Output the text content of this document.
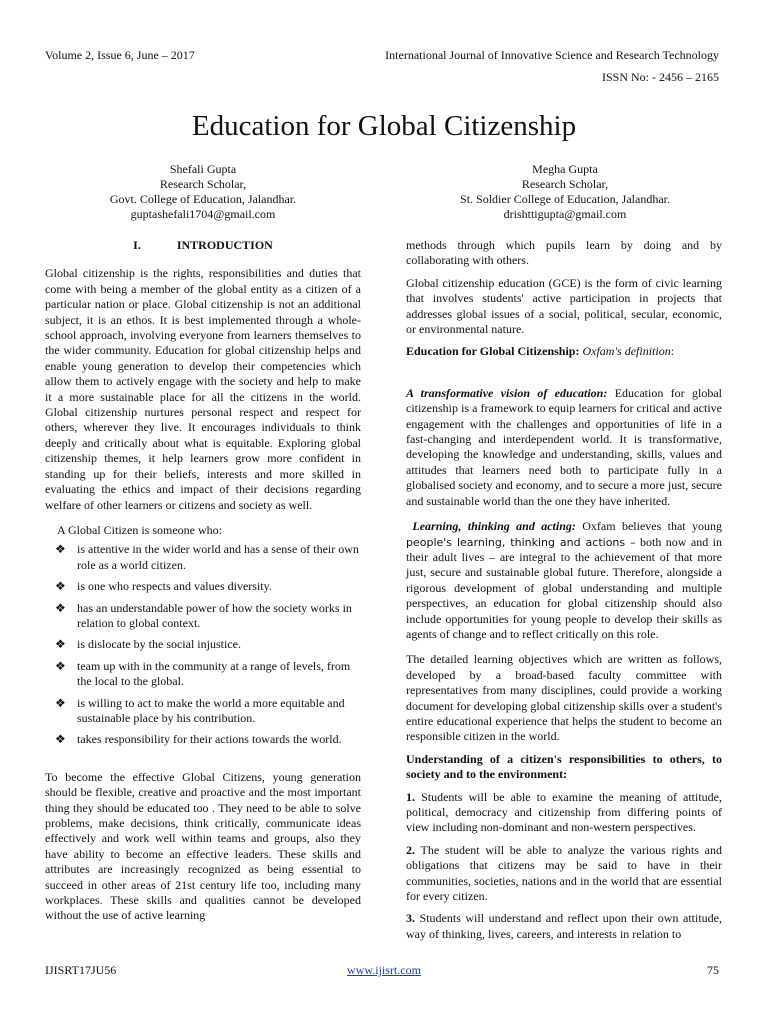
Volume 2, Issue 6, June – 2017	International Journal of Innovative Science and Research Technology
ISSN No: - 2456 – 2165
Education for Global Citizenship
Shefali Gupta
Research Scholar,
Govt. College of Education, Jalandhar.
guptashefali1704@gmail.com
Megha Gupta
Research Scholar,
St. Soldier College of Education, Jalandhar.
drishttigupta@gmail.com
I.	INTRODUCTION

Global citizenship is the rights, responsibilities and duties that come with being a member of the global entity as a citizen of a particular nation or place. Global citizenship is not an additional subject, it is an ethos. It is best implemented through a whole-school approach, involving everyone from learners themselves to the wider community. Education for global citizenship helps and enable young generation to develop their competencies which allow them to actively engage with the society and help to make it a more sustainable place for all the citizens in the world. Global citizenship nurtures personal respect and respect for others, wherever they live. It encourages individuals to think deeply and critically about what is equitable. Exploring global citizenship themes, it help learners grow more confident in standing up for their beliefs, interests and more skilled in evaluating the ethics and impact of their decisions regarding welfare of other learners or citizens and society as well.

A Global Citizen is someone who:
❖ is attentive in the wider world and has a sense of their own role as a world citizen.
❖ is one who respects and values diversity.
❖ has an understandable power of how the society works in relation to global context.
❖ is dislocate by the social injustice.
❖ team up with in the community at a range of levels, from the local to the global.
❖ is willing to act to make the world a more equitable and sustainable place by his contribution.
❖ takes responsibility for their actions towards the world.

To become the effective Global Citizens, young generation should be flexible, creative and proactive and the most important thing they should be educated too . They need to be able to solve problems, make decisions, think critically, communicate ideas effectively and work well within teams and groups, also they have ability to become an effective leaders. These skills and attributes are increasingly recognized as being essential to succeed in other areas of 21st century life too, including many workplaces. These skills and qualities cannot be developed without the use of active learning

methods through which pupils learn by doing and by collaborating with others.

Global citizenship education (GCE) is the form of civic learning that involves students' active participation in projects that addresses global issues of a social, political, secular, economic, or environmental nature.

Education for Global Citizenship: Oxfam's definition:

A transformative vision of education: Education for global citizenship is a framework to equip learners for critical and active engagement with the challenges and opportunities of life in a fast-changing and interdependent world. It is transformative, developing the knowledge and understanding, skills, values and attitudes that learners need both to participate fully in a globalised society and economy, and to secure a more just, secure and sustainable world than the one they have inherited.

Learning, thinking and acting: Oxfam believes that young people's learning, thinking and actions – both now and in their adult lives – are integral to the achievement of that more just, secure and sustainable global future. Therefore, alongside a rigorous development of global understanding and multiple perspectives, an education for global citizenship should also include opportunities for young people to develop their skills as agents of change and to reflect critically on this role.

The detailed learning objectives which are written as follows, developed by a broad-based faculty committee with representatives from many disciplines, could provide a working document for developing global citizenship skills over a student's entire educational experience that helps the student to become an responsible citizen in the world.

Understanding of a citizen's responsibilities to others, to society and to the environment:

1. Students will be able to examine the meaning of attitude, political, democracy and citizenship from differing points of view including non-dominant and non-western perspectives.

2. The student will be able to analyze the various rights and obligations that citizens may be said to have in their communities, societies, nations and in the world that are essential for every citizen.

3. Students will understand and reflect upon their own attitude, way of thinking, lives, careers, and interests in relation to

IJISRT17JU56	www.ijisrt.com	75
